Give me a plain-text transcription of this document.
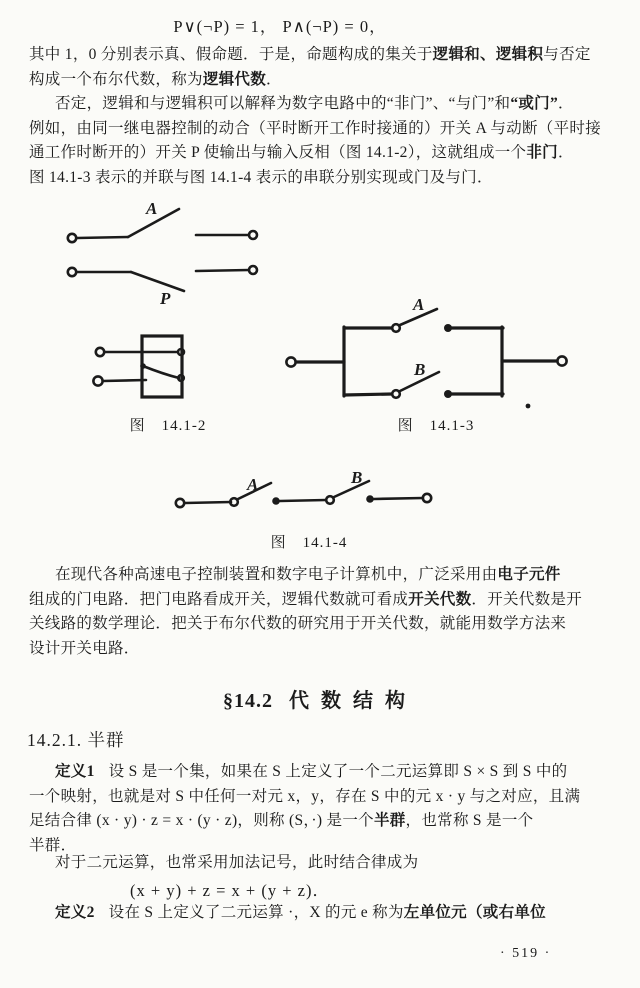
P∨(¬P) = 1， P∧(¬P) = 0，
其中 1，0 分别表示真、假命题．于是，命题构成的集关于逻辑和、逻辑积与否定
构成一个布尔代数，称为逻辑代数．
否定，逻辑和与逻辑积可以解释为数字电路中的“非门”、“与门”和“或门”．
例如，由同一继电器控制的动合（平时断开工作时接通的）开关 A 与动断（平时接
通工作时断开的）开关 P 使输出与输入反相（图 14.1-2），这就组成一个非门．
图 14.1-3 表示的并联与图 14.1-4 表示的串联分别实现或门及与门．
A
P	A
B
A	B
图　14.1-2	图　14.1-3
图　14.1-4
在现代各种高速电子控制装置和数字电子计算机中，广泛采用由电子元件
组成的门电路．把门电路看成开关，逻辑代数就可看成开关代数．开关代数是开
关线路的数学理论．把关于布尔代数的研究用于开关代数，就能用数学方法来
设计开关电路．
§14.2 代数结构
14.2.1. 半群
定义1 设 S 是一个集，如果在 S 上定义了一个二元运算即 S × S 到 S 中的
一个映射，也就是对 S 中任何一对元 x，y，存在 S 中的元 x · y 与之对应，且满
足结合律 (x · y) · z = x · (y · z)，则称 (S，·) 是一个半群，也常称 S 是一个
半群．
对于二元运算，也常采用加法记号，此时结合律成为
(x + y) + z = x + (y + z)．
定义2 设在 S 上定义了二元运算 ·，X 的元 e 称为左单位元（或右单位
· 519 ·
